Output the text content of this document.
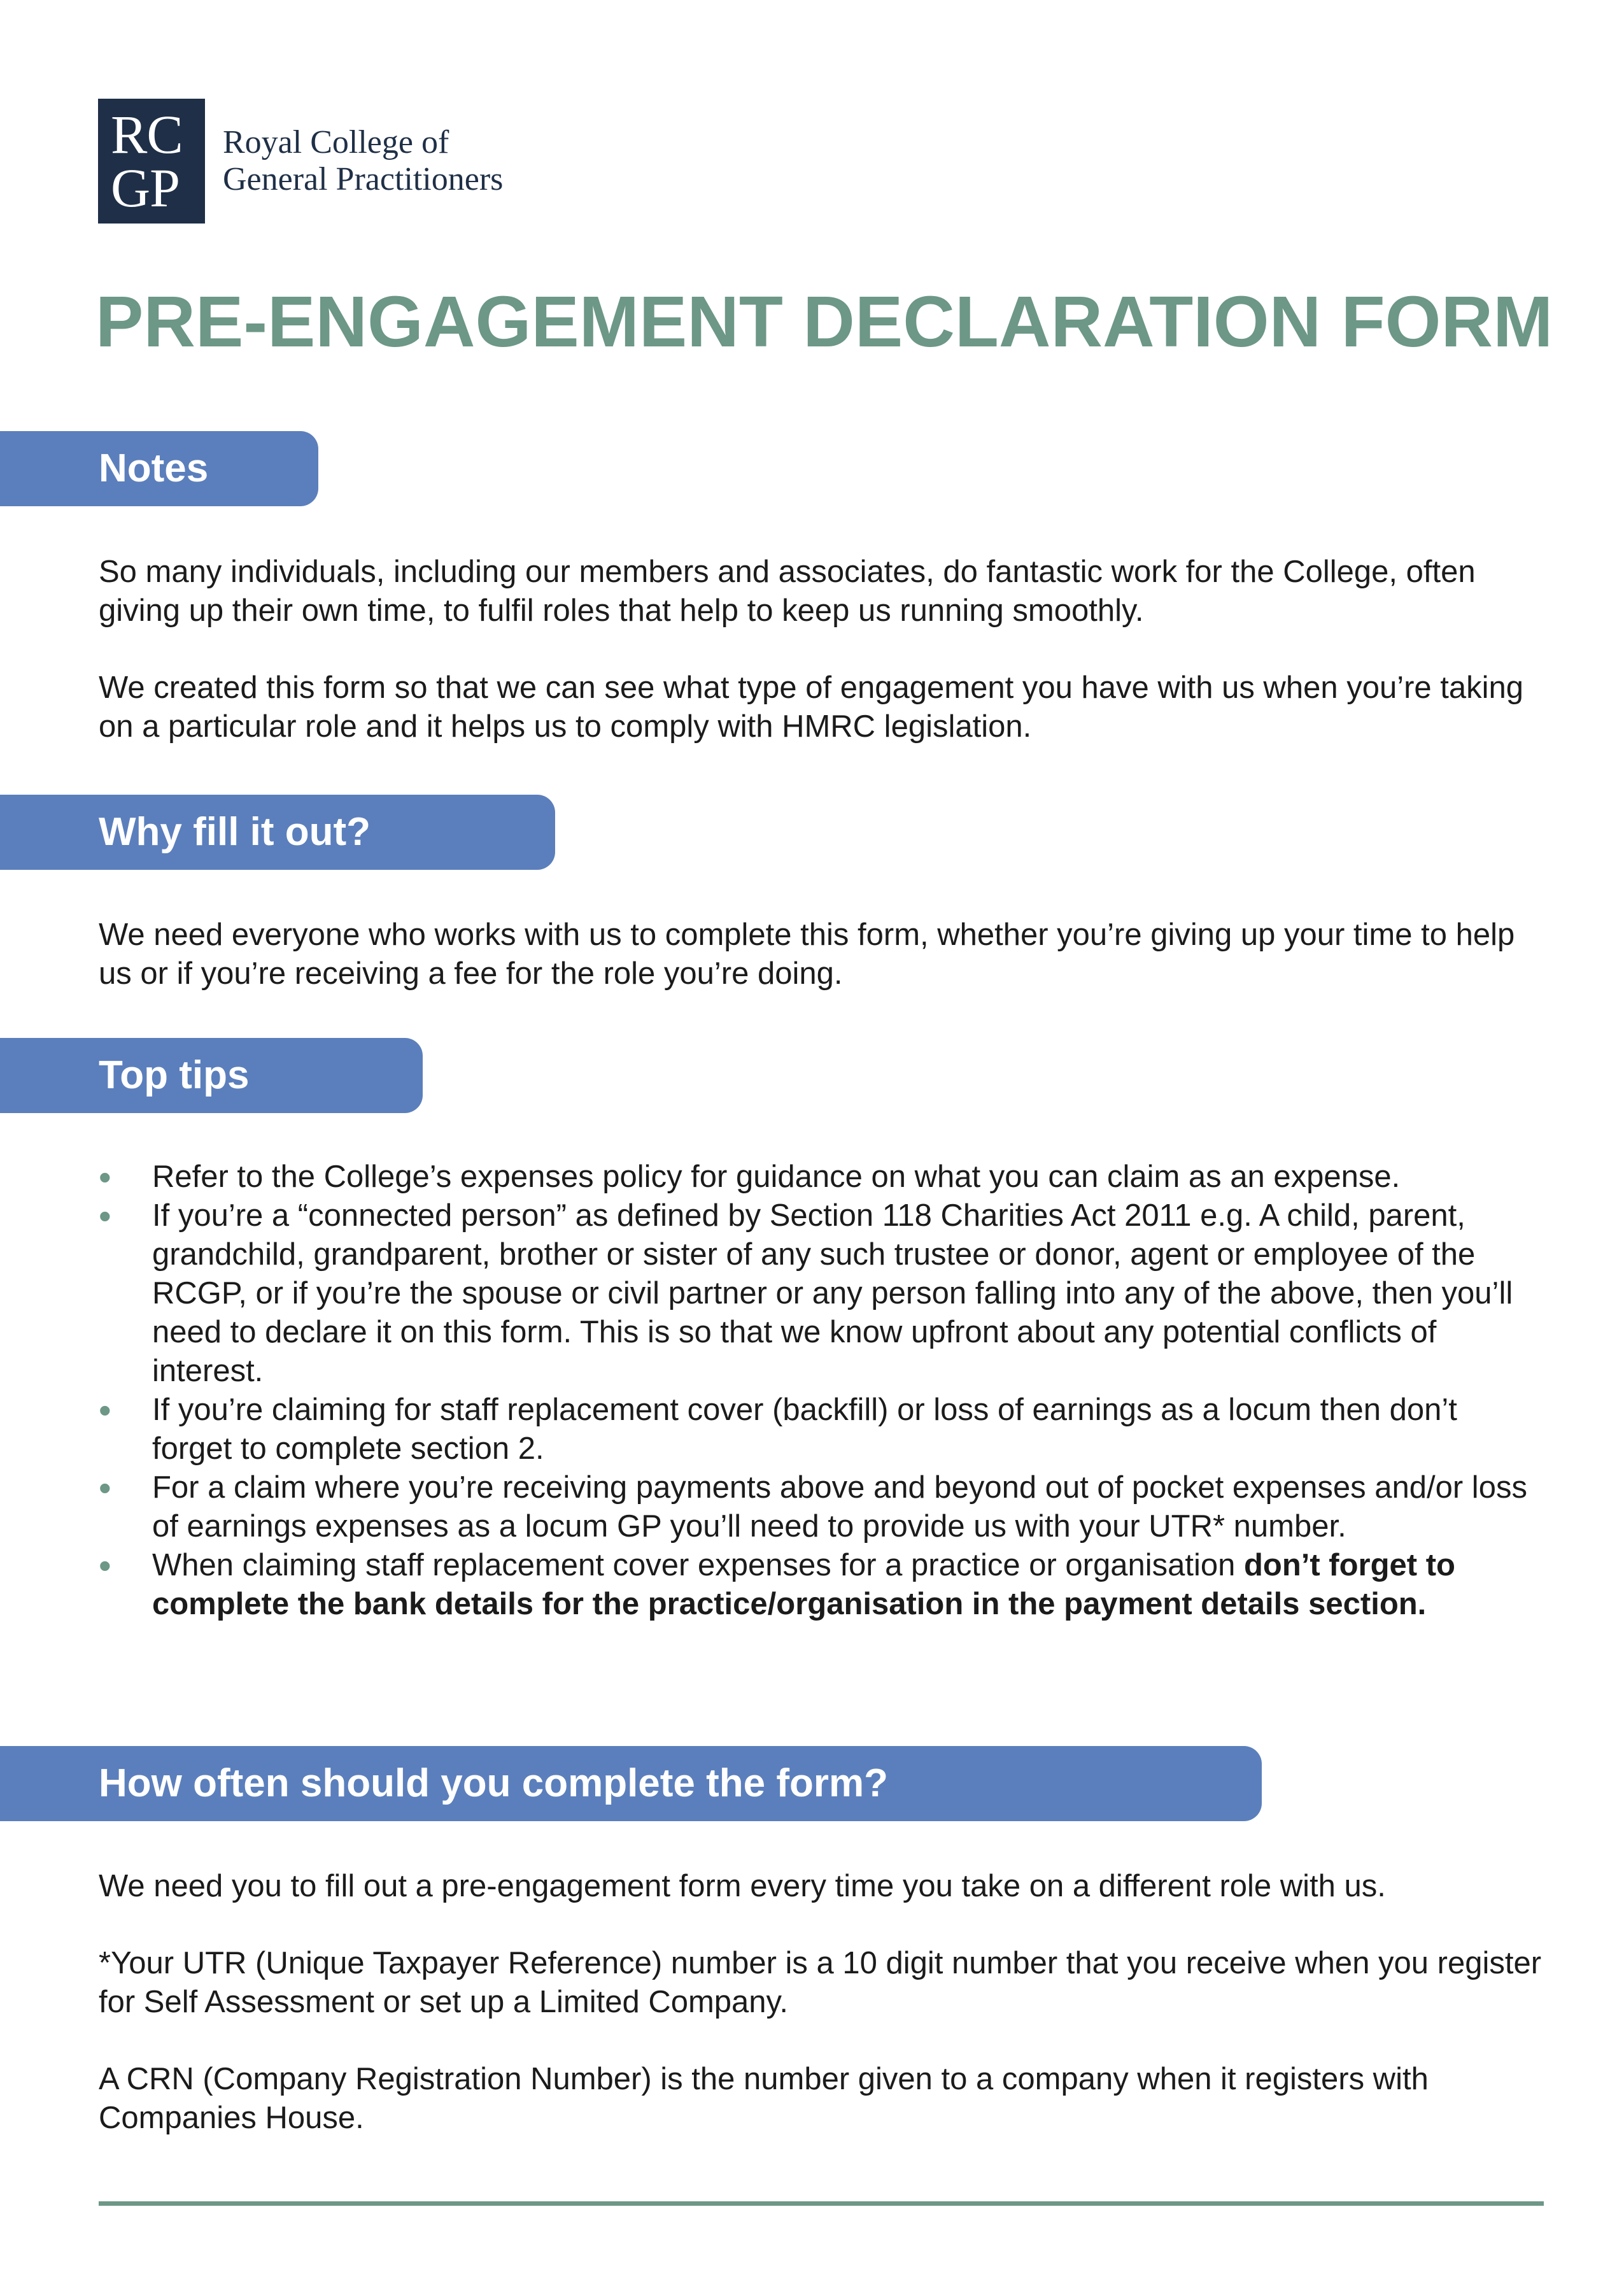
RC
GP
Royal College of
General Practitioners
PRE-ENGAGEMENT DECLARATION FORM
Notes

So many individuals, including our members and associates, do fantastic work for the College, often giving up their own time, to fulfil roles that help to keep us running smoothly.

We created this form so that we can see what type of engagement you have with us when you’re taking on a particular role and it helps us to comply with HMRC legislation.

Why fill it out?

We need everyone who works with us to complete this form, whether you’re giving up your time to help us or if you’re receiving a fee for the role you’re doing.

Top tips
• Refer to the College’s expenses policy for guidance on what you can claim as an expense.
• If you’re a “connected person” as defined by Section 118 Charities Act 2011 e.g. A child, parent, grandchild, grandparent, brother or sister of any such trustee or donor, agent or employee of the RCGP, or if you’re the spouse or civil partner or any person falling into any of the above, then you’ll need to declare it on this form. This is so that we know upfront about any potential conflicts of interest.
• If you’re claiming for staff replacement cover (backfill) or loss of earnings as a locum then don’t forget to complete section 2.
• For a claim where you’re receiving payments above and beyond out of pocket expenses and/or loss of earnings expenses as a locum GP you’ll need to provide us with your UTR* number.
• When claiming staff replacement cover expenses for a practice or organisation don’t forget to complete the bank details for the practice/organisation in the payment details section.
How often should you complete the form?

We need you to fill out a pre-engagement form every time you take on a different role with us.

*Your UTR (Unique Taxpayer Reference) number is a 10 digit number that you receive when you register for Self Assessment or set up a Limited Company.

A CRN (Company Registration Number) is the number given to a company when it registers with Companies House.
